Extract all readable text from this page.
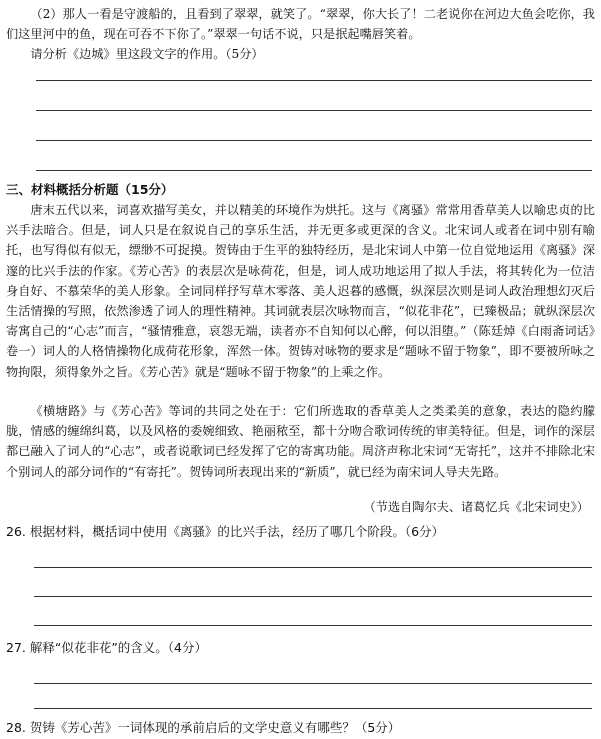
（2）那人一看是守渡船的，且看到了翠翠，就笑了。“翠翠，你大长了！二老说你在河边大鱼会吃你，我们这里河中的鱼，现在可吞不下你了。”翠翠一句话不说，只是抿起嘴唇笑着。

请分析《边城》里这段文字的作用。（5分）

三、材料概括分析题（15分）

唐末五代以来，词喜欢描写美女，并以精美的环境作为烘托。这与《离骚》常常用香草美人以喻忠贞的比兴手法暗合。但是，词人只是在叙说自己的享乐生活，并无更多或更深的含义。北宋词人或者在词中别有喻托，也写得似有似无，缥缈不可捉摸。贺铸由于生平的独特经历，是北宋词人中第一位自觉地运用《离骚》深邃的比兴手法的作家。《芳心苦》的表层次是咏荷花，但是，词人成功地运用了拟人手法，将其转化为一位洁身自好、不慕荣华的美人形象。全词同样抒写草木零落、美人迟暮的感慨，纵深层次则是词人政治理想幻灭后生活情操的写照，依然渗透了词人的理性精神。其词就表层次咏物而言，“似花非花”，已臻极品；就纵深层次寄寓自己的“心志”而言，“骚情雅意，哀怨无端，读者亦不自知何以心醉，何以泪堕。”（陈廷焯《白雨斋词话》卷一）词人的人格情操物化成荷花形象，浑然一体。贺铸对咏物的要求是“题咏不留于物象”，即不要被所咏之物拘限，须得象外之旨。《芳心苦》就是“题咏不留于物象”的上乘之作。

《横塘路》与《芳心苦》等词的共同之处在于：它们所选取的香草美人之类柔美的意象，表达的隐约朦胧，情感的缠绵纠葛，以及风格的委婉细致、艳丽秾至，都十分吻合歌词传统的审美特征。但是，词作的深层都已融入了词人的“心志”，或者说歌词已经发挥了它的寄寓功能。周济声称北宋词“无寄托”，这并不排除北宋个别词人的部分词作的“有寄托”。贺铸词所表现出来的“新质”，就已经为南宋词人导夫先路。

（节选自陶尔夫、诸葛忆兵《北宋词史》）
26. 根据材料，概括词中使用《离骚》的比兴手法，经历了哪几个阶段。（6分）
27. 解释“似花非花”的含义。（4分）
28. 贺铸《芳心苦》一词体现的承前启后的文学史意义有哪些？（5分）
